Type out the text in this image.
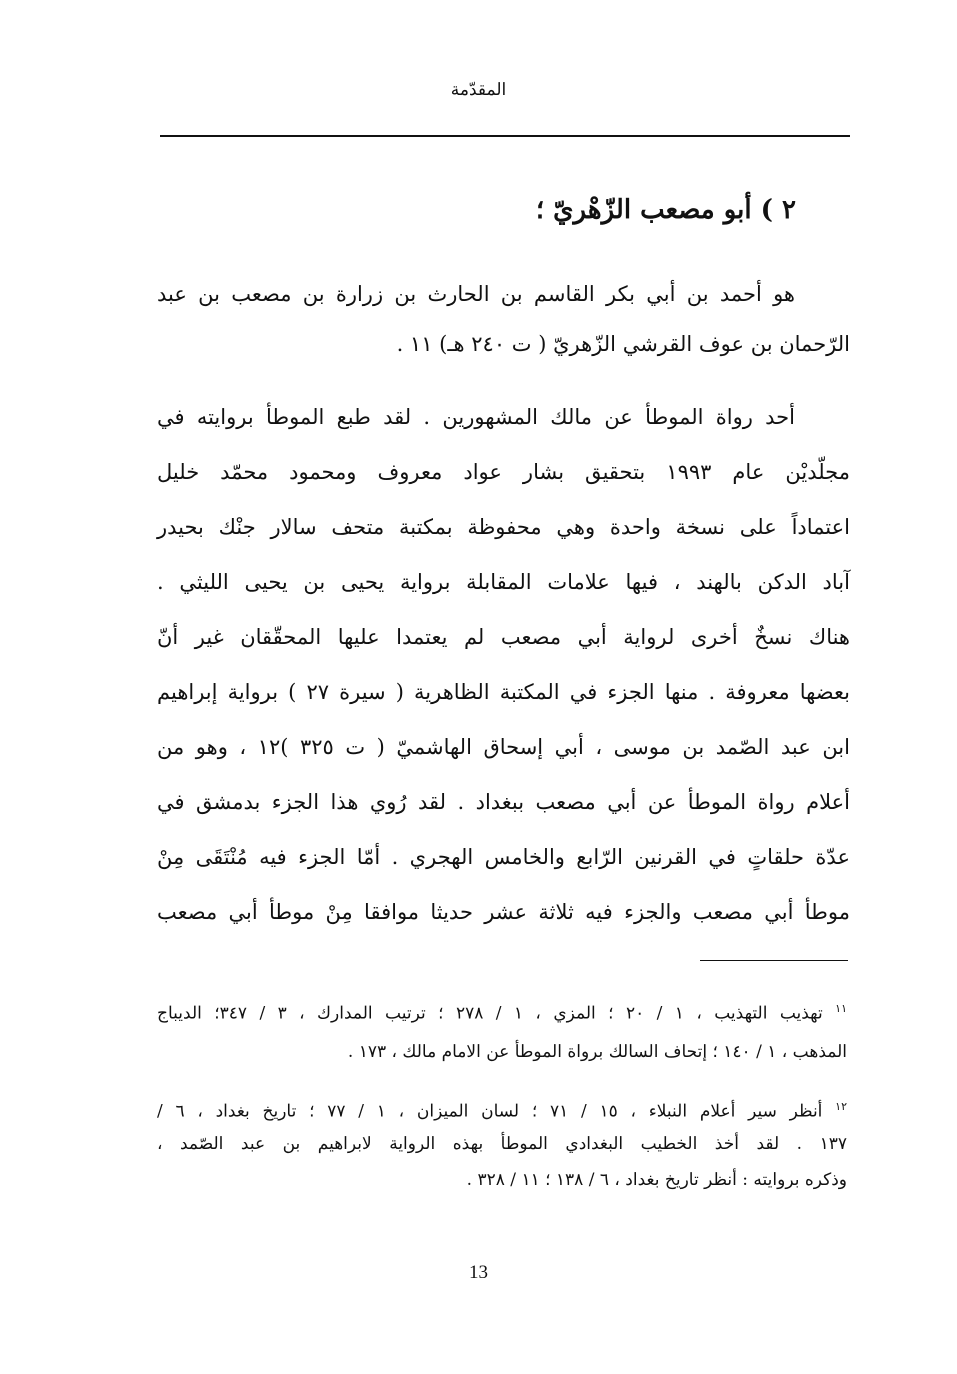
المقدّمة
٢ ) أبو مصعب الزّهْريّ ؛
هو أحمد بن أبي بكر القاسم بن الحارث بن زرارة بن مصعب بن عبد
الرّحمان بن عوف القرشي الزّهريّ ( ت ٢٤٠ هـ) ١١ .
أحد رواة الموطأ عن مالك المشهورين . لقد طبع الموطأ بروايته في
مجلّديْن عام ١٩٩٣ بتحقيق بشار عواد معروف ومحمود محمّد خليل
اعتماداً على نسخة واحدة وهي محفوظة بمكتبة متحف سالار جنْك بحيدر
آباد الدكن بالهند ، فيها علامات المقابلة برواية يحيى بن يحيى الليثي .
هناك نسخٌ أخرى لرواية أبي مصعب لم يعتمدا عليها المحقّقان غير أنّ
بعضها معروفة . منها الجزء في المكتبة الظاهرية ( سيرة ٢٧ ) برواية إبراهيم
ابن عبد الصّمد بن موسى ، أبي إسحاق الهاشميّ ( ت ٣٢٥ )١٢ ، وهو من
أعلام رواة الموطأ عن أبي مصعب ببغداد . لقد رُوي هذا الجزء بدمشق في
عدّة حلقاتٍ في القرنين الرّابع والخامس الهجري . أمّا الجزء فيه مُنْتَقَى مِنْ
موطأ أبي مصعب والجزء فيه ثلاثة عشر حديثا موافقا مِنْ موطأ أبي مصعب
$^{١١}$ تهذيب التهذيب ، ١ / ٢٠ ؛ المزي ، ١ / ٢٧٨ ؛ ترتيب المدارك ، ٣ / ٣٤٧؛ الديباج
المذهب ، ١ / ١٤٠ ؛ إتحاف السالك برواة الموطأ عن الامام مالك ، ١٧٣ .
$^{١٢}$ أنظر سير أعلام النبلاء ، ١٥ / ٧١ ؛ لسان الميزان ، ١ / ٧٧ ؛ تاريخ بغداد ، ٦ /
١٣٧ . لقد أخذ الخطيب البغدادي الموطأ بهذه الرواية لابراهيم بن عبد الصّمد ،
وذكره بروايته : أنظر تاريخ بغداد ، ٦ / ١٣٨ ؛ ١١ / ٣٢٨ .
13
